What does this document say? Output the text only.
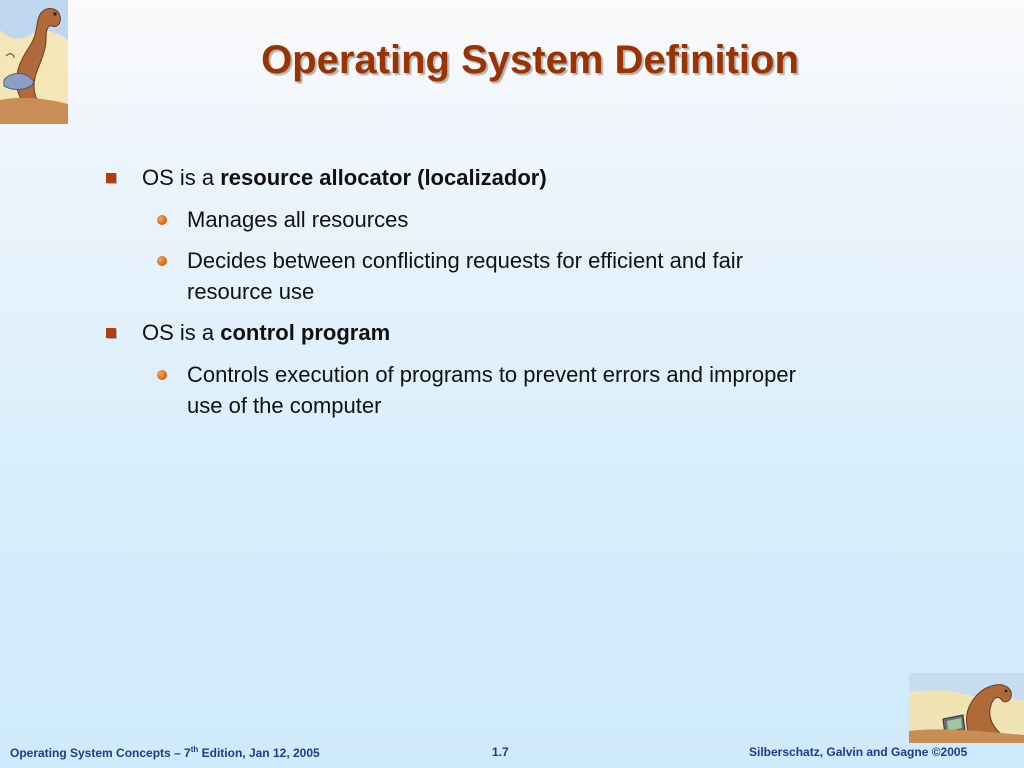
Operating System Definition
OS is a resource allocator (localizador)
Manages all resources
Decides between conflicting requests for efficient and fair
resource use
OS is a control program
Controls execution of programs to prevent errors and improper
use of the computer
Operating System Concepts – 7th Edition, Jan 12, 2005	1.7	Silberschatz, Galvin and Gagne ©2005
